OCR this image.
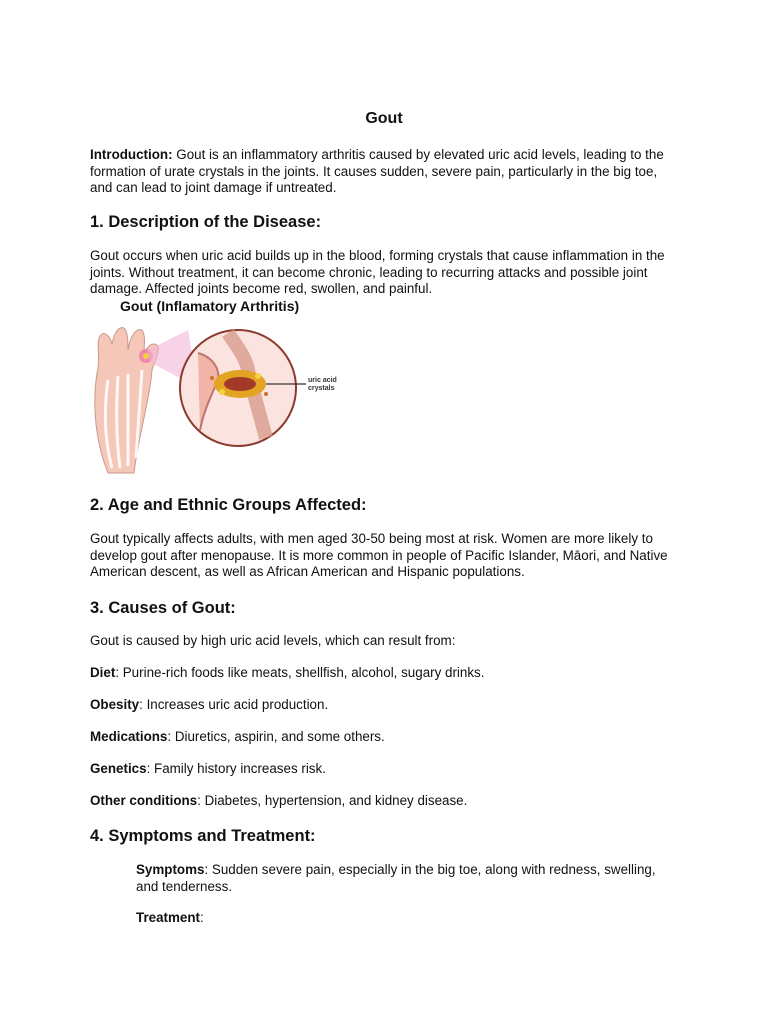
Gout

Introduction: Gout is an inflammatory arthritis caused by elevated uric acid levels, leading to the formation of urate crystals in the joints. It causes sudden, severe pain, particularly in the big toe, and can lead to joint damage if untreated.

1. Description of the Disease:

Gout occurs when uric acid builds up in the blood, forming crystals that cause inflammation in the joints. Without treatment, it can become chronic, leading to recurring attacks and possible joint damage. Affected joints become red, swollen, and painful.

uric acid
crystals
Gout (Inflamatory Arthritis)
2. Age and Ethnic Groups Affected:

Gout typically affects adults, with men aged 30-50 being most at risk. Women are more likely to develop gout after menopause. It is more common in people of Pacific Islander, Māori, and Native American descent, as well as African American and Hispanic populations.

3. Causes of Gout:

Gout is caused by high uric acid levels, which can result from:

Diet: Purine-rich foods like meats, shellfish, alcohol, sugary drinks.

Obesity: Increases uric acid production.

Medications: Diuretics, aspirin, and some others.

Genetics: Family history increases risk.

Other conditions: Diabetes, hypertension, and kidney disease.

4. Symptoms and Treatment:

Symptoms: Sudden severe pain, especially in the big toe, along with redness, swelling, and tenderness.

Treatment:
